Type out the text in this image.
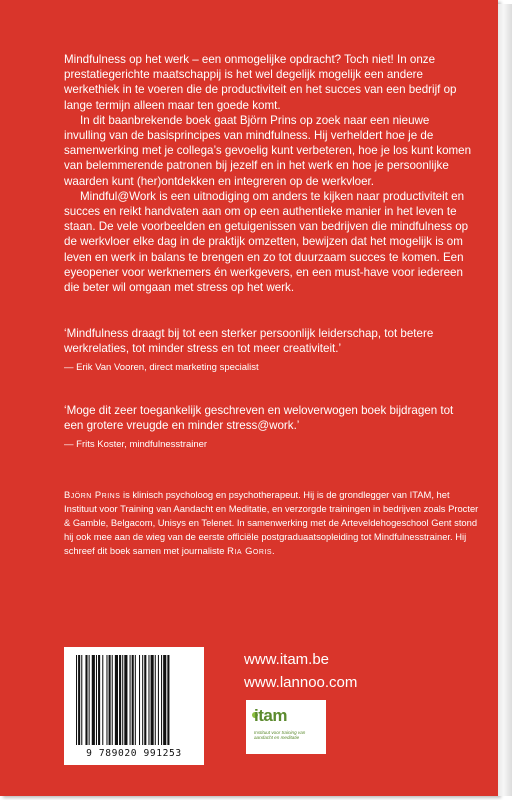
Mindfulness op het werk – een onmogelijke opdracht? Toch niet! In onze prestatiegerichte maatschappij is het wel degelijk mogelijk een andere werkethiek in te voeren die de productiviteit en het succes van een bedrijf op lange termijn alleen maar ten goede komt.

In dit baanbrekende boek gaat Björn Prins op zoek naar een nieuwe invulling van de basisprincipes van mindfulness. Hij verheldert hoe je de samenwerking met je collega’s gevoelig kunt verbeteren, hoe je los kunt komen van belemmerende patronen bij jezelf en in het werk en hoe je persoonlijke waarden kunt (her)ontdekken en integreren op de werkvloer.

Mindful@Work is een uitnodiging om anders te kijken naar productiviteit en succes en reikt handvaten aan om op een authentieke manier in het leven te staan. De vele voorbeelden en getuigenissen van bedrijven die mindfulness op de werkvloer elke dag in de praktijk omzetten, bewijzen dat het mogelijk is om leven en werk in balans te brengen en zo tot duurzaam succes te komen. Een eyeopener voor werknemers én werkgevers, en een must-have voor iedereen die beter wil omgaan met stress op het werk.

‘Mindfulness draagt bij tot een sterker persoonlijk leiderschap, tot betere werkrelaties, tot minder stress en tot meer creativiteit.’
— Erik Van Vooren, direct marketing specialist
‘Moge dit zeer toegankelijk geschreven en weloverwogen boek bijdragen tot een grotere vreugde en minder stress@work.’
— Frits Koster, mindfulnesstrainer
Björn Prins is klinisch psycholoog en psychotherapeut. Hij is de grondlegger van ITAM, het Instituut voor Training van Aandacht en Meditatie, en verzorgde trainingen in bedrijven zoals Procter & Gamble, Belgacom, Unisys en Telenet. In samenwerking met de Arteveldehogeschool Gent stond hij ook mee aan de wieg van de eerste officiële postgraduaatsopleiding tot Mindfulnesstrainer. Hij schreef dit boek samen met journaliste Ria Goris.
9 789020 991253
www.itam.be
www.lannoo.com
itam
Instituut voor training van aandacht en meditatie
